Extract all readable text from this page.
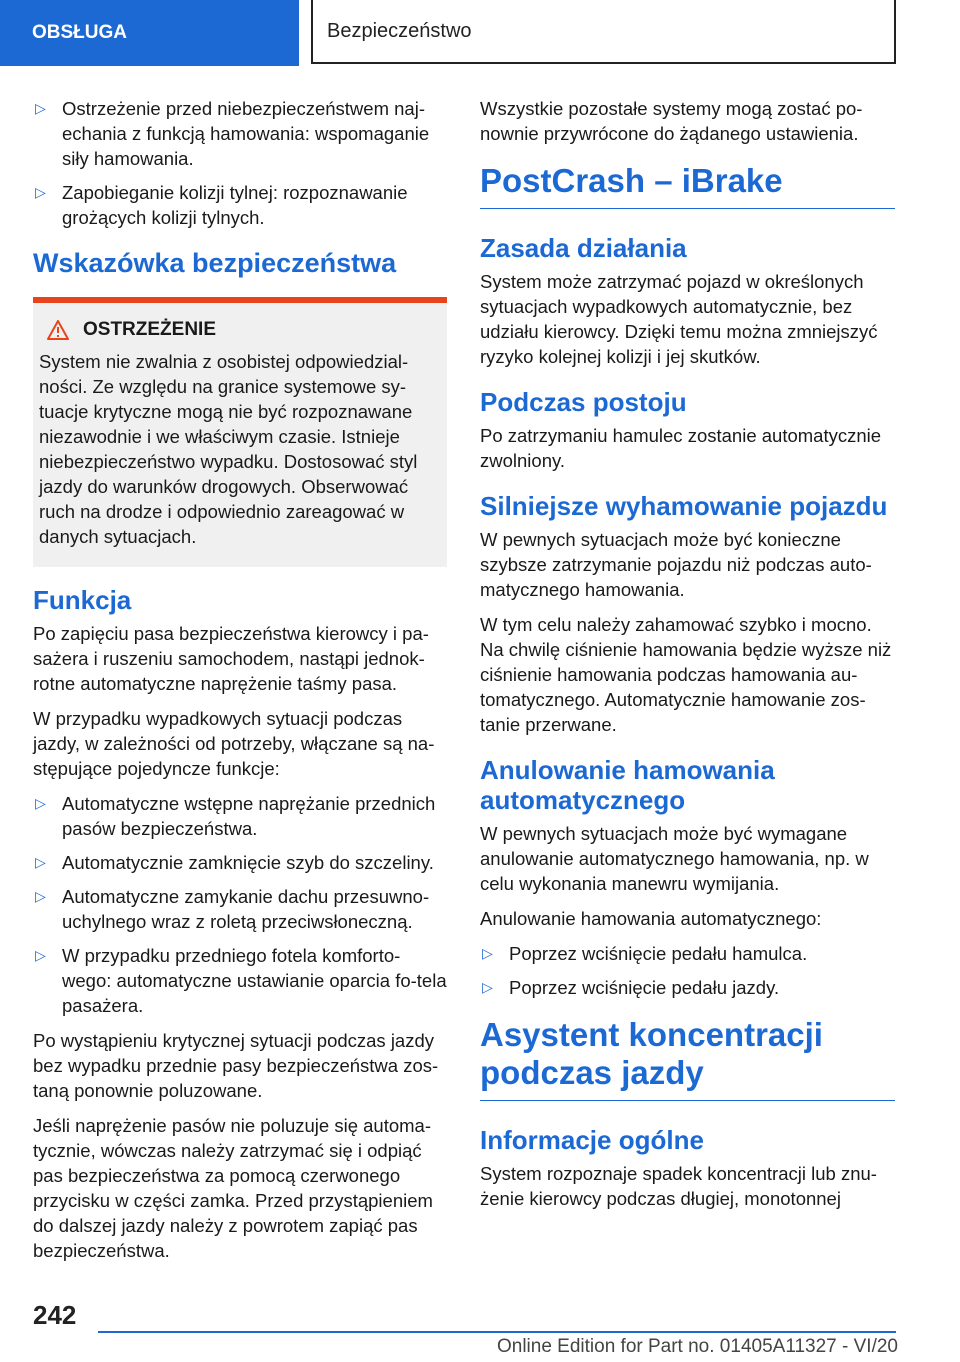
OBSŁUGA	Bezpieczeństwo
▷ Ostrzeżenie przed niebezpieczeństwem naj-echania z funkcją hamowania: wspomaganie siły hamowania.
▷ Zapobieganie kolizji tylnej: rozpoznawanie grożących kolizji tylnych.
Wskazówka bezpieczeństwa
OSTRZEŻENIE

System nie zwalnia z osobistej odpowiedzial-ności. Ze względu na granice systemowe sy-tuacje krytyczne mogą nie być rozpoznawane niezawodnie i we właściwym czasie. Istnieje niebezpieczeństwo wypadku. Dostosować styl jazdy do warunków drogowych. Obserwować ruch na drodze i odpowiednio zareagować w danych sytuacjach.

Funkcja

Po zapięciu pasa bezpieczeństwa kierowcy i pa-sażera i ruszeniu samochodem, nastąpi jednok-rotne automatyczne naprężenie taśmy pasa.

W przypadku wypadkowych sytuacji podczas jazdy, w zależności od potrzeby, włączane są na-stępujące pojedyncze funkcje:

▷ Automatyczne wstępne naprężanie przednich pasów bezpieczeństwa.
▷ Automatycznie zamknięcie szyb do szczeliny.
▷ Automatyczne zamykanie dachu przesuwno-uchylnego wraz z roletą przeciwsłoneczną.
▷ W przypadku przedniego fotela komforto-wego: automatyczne ustawianie oparcia fo-tela pasażera.

Po wystąpieniu krytycznej sytuacji podczas jazdy bez wypadku przednie pasy bezpieczeństwa zos-taną ponownie poluzowane.

Jeśli naprężenie pasów nie poluzuje się automa-tycznie, wówczas należy zatrzymać się i odpiąć pas bezpieczeństwa za pomocą czerwonego przycisku w części zamka. Przed przystąpieniem do dalszej jazdy należy z powrotem zapiąć pas bezpieczeństwa.

Wszystkie pozostałe systemy mogą zostać po-nownie przywrócone do żądanego ustawienia.

PostCrash – iBrake
Zasada działania

System może zatrzymać pojazd w określonych sytuacjach wypadkowych automatycznie, bez udziału kierowcy. Dzięki temu można zmniejszyć ryzyko kolejnej kolizji i jej skutków.

Podczas postoju

Po zatrzymaniu hamulec zostanie automatycznie zwolniony.

Silniejsze wyhamowanie pojazdu

W pewnych sytuacjach może być konieczne szybsze zatrzymanie pojazdu niż podczas auto-matycznego hamowania.

W tym celu należy zahamować szybko i mocno. Na chwilę ciśnienie hamowania będzie wyższe niż ciśnienie hamowania podczas hamowania au-tomatycznego. Automatycznie hamowanie zos-tanie przerwane.

Anulowanie hamowania automatycznego

W pewnych sytuacjach może być wymagane anulowanie automatycznego hamowania, np. w celu wykonania manewru wymijania.

Anulowanie hamowania automatycznego:

▷ Poprzez wciśnięcie pedału hamulca.
▷ Poprzez wciśnięcie pedału jazdy.
Asystent koncentracji podczas jazdy
Informacje ogólne

System rozpoznaje spadek koncentracji lub znu-żenie kierowcy podczas długiej, monotonnej

242
Online Edition for Part no. 01405A11327 - VI/20
